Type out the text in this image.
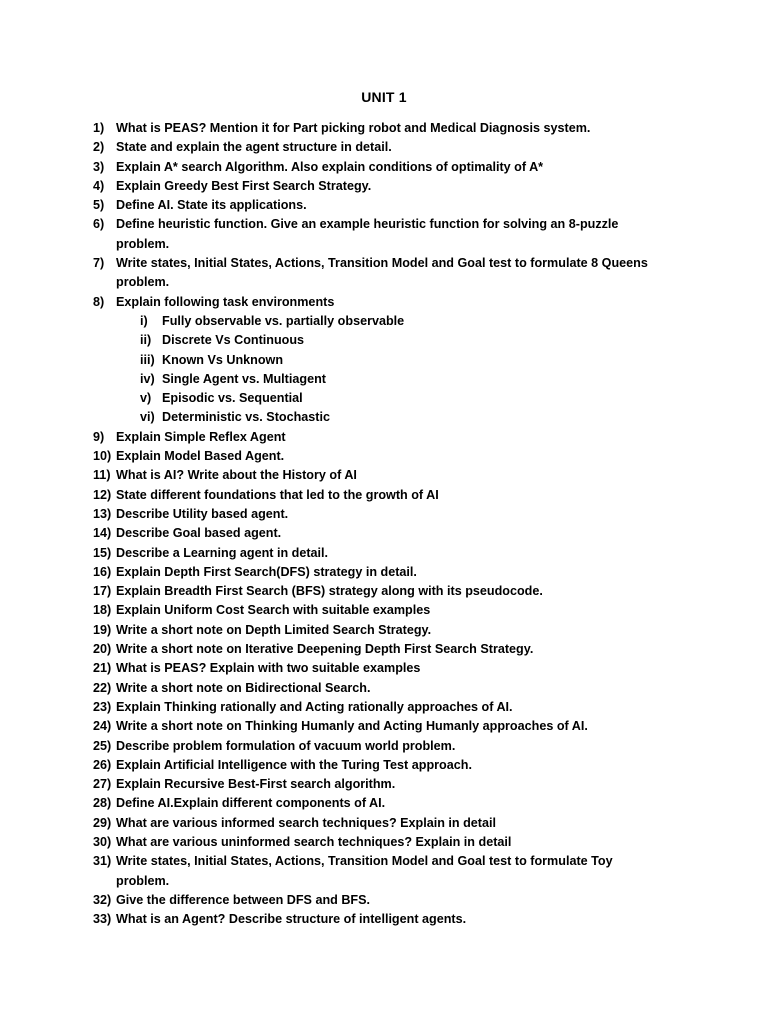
UNIT 1
1) What is PEAS? Mention it for Part picking robot and Medical Diagnosis system.
2) State and explain the agent structure in detail.
3) Explain A* search Algorithm. Also explain conditions of optimality of A*
4) Explain Greedy Best First Search Strategy.
5) Define AI. State its applications.
6) Define heuristic function. Give an example heuristic function for solving an 8-puzzle problem.
7) Write states, Initial States, Actions, Transition Model and Goal test to formulate 8 Queens problem.
8) Explain following task environments
i) Fully observable vs. partially observable
ii) Discrete Vs Continuous
iii) Known Vs Unknown
iv) Single Agent vs. Multiagent
v) Episodic vs. Sequential
vi) Deterministic vs. Stochastic
9) Explain Simple Reflex Agent
10) Explain Model Based Agent.
11) What is AI? Write about the History of AI
12) State different foundations that led to the growth of AI
13) Describe Utility based agent.
14) Describe Goal based agent.
15) Describe a Learning agent in detail.
16) Explain Depth First Search(DFS) strategy in detail.
17) Explain Breadth First Search (BFS) strategy along with its pseudocode.
18) Explain Uniform Cost Search with suitable examples
19) Write a short note on Depth Limited Search Strategy.
20) Write a short note on Iterative Deepening Depth First Search Strategy.
21) What is PEAS? Explain with two suitable examples
22) Write a short note on Bidirectional Search.
23) Explain Thinking rationally and Acting rationally approaches of AI.
24) Write a short note on Thinking Humanly and Acting Humanly approaches of AI.
25) Describe problem formulation of vacuum world problem.
26) Explain Artificial Intelligence with the Turing Test approach.
27) Explain Recursive Best-First search algorithm.
28) Define AI.Explain different components of AI.
29) What are various informed search techniques? Explain in detail
30) What are various uninformed search techniques? Explain in detail
31) Write states, Initial States, Actions, Transition Model and Goal test to formulate Toy problem.
32) Give the difference between DFS and BFS.
33) What is an Agent? Describe structure of intelligent agents.
